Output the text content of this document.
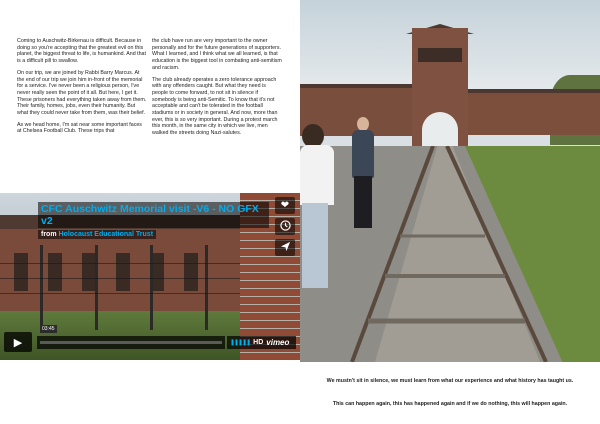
Coming to Auschwitz-Birkenau is difficult. Because in doing so you're accepting that the greatest evil on this planet, the biggest threat to life, is humankind. And that is a difficult pill to swallow.

On our trip, we are joined by Rabbi Barry Marcus. At the end of our trip we join him in-front of the memorial for a service. I've never been a religious person, I've never really seen the point of it all. But here, I get it. These prisoners had everything taken away from them. Their family, homes, jobs, even their humanity. But what they could never take from them, was their belief.

As we head home, I'm sat near some important faces at Chelsea Football Club. These trips that

the club have run are very important to the owner personally and for the future generations of supporters. What I learned, and I think what we all learned, is that education is the biggest tool in combating anti-semitism and racism.

The club already operates a zero tolerance approach with any offenders caught. But what they need is people to come forward, to not sit in silence if somebody is being anti-Semitic. To know that it's not acceptable and can't be tolerated in the football stadiums or in society in general. And now, more than ever, this is so very important. During a protest march this month, in the same city in which we live, men walked the streets doing Nazi-salutes.

CFC Auschwitz Memorial visit -V6 - NO GFX v2
from Holocaust Educational Trust
❤
▶
03:45
❚❚❚❚❚ HD vimeo
We mustn't sit in silence, we must learn from what our experience and what history has taught us.
This can happen again, this has happened again and if we do nothing, this will happen again.
